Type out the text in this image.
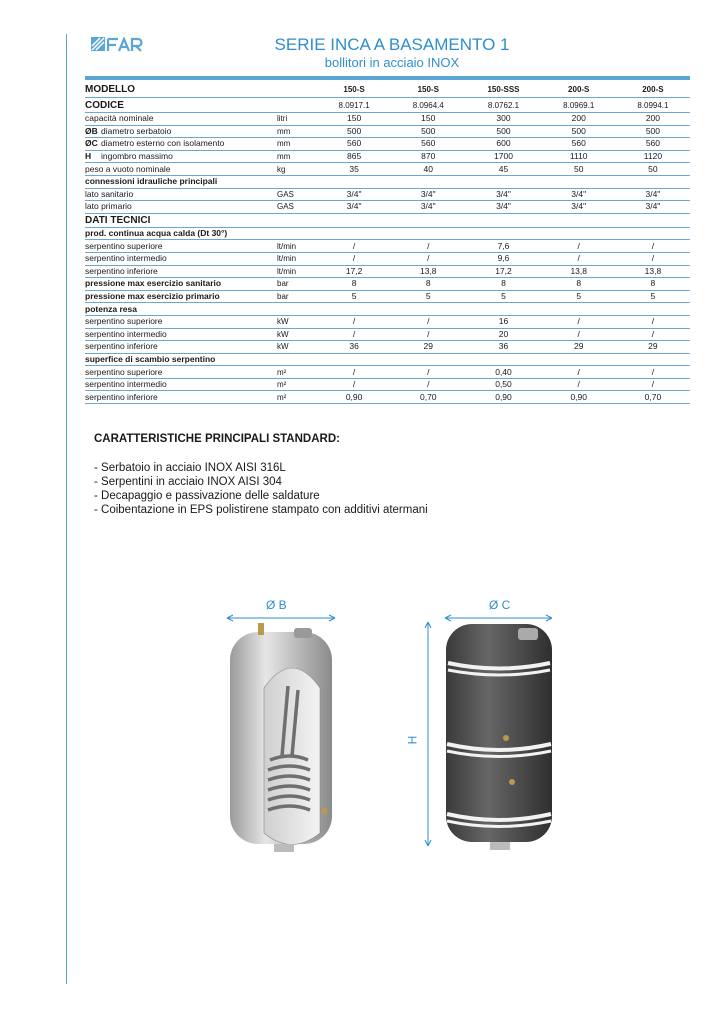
SERIE INCA A BASAMENTO 1
bollitori in acciaio INOX
MODELLO		150-S	150-S	150-SSS	200-S	200-S
CODICE		8.0917.1	8.0964.4	8.0762.1	8.0969.1	8.0994.1
capacità nominale	litri	150	150	300	200	200
ØB diametro serbatoio	mm	500	500	500	500	500
ØC diametro esterno con isolamento	mm	560	560	600	560	560
H ingombro massimo	mm	865	870	1700	1110	1120
peso a vuoto nominale	kg	35	40	45	50	50
connessioni idrauliche principali						
lato sanitario	GAS	3/4"	3/4"	3/4"	3/4"	3/4"
lato primario	GAS	3/4"	3/4"	3/4"	3/4"	3/4"
DATI TECNICI						
prod. continua acqua calda (Dt 30°)						
serpentino superiore	lt/min	/	/	7,6	/	/
serpentino intermedio	lt/min	/	/	9,6	/	/
serpentino inferiore	lt/min	17,2	13,8	17,2	13,8	13,8
pressione max esercizio sanitario	bar	8	8	8	8	8
pressione max esercizio primario	bar	5	5	5	5	5
potenza resa						
serpentino superiore	kW	/	/	16	/	/
serpentino intermedio	kW	/	/	20	/	/
serpentino inferiore	kW	36	29	36	29	29
superfice di scambio serpentino						
serpentino superiore	m²	/	/	0,40	/	/
serpentino intermedio	m²	/	/	0,50	/	/
serpentino inferiore	m²	0,90	0,70	0,90	0,90	0,70
CARATTERISTICHE PRINCIPALI STANDARD:
- Serbatoio in acciaio INOX AISI 316L
- Serpentini in acciaio INOX AISI 304
- Decapaggio e passivazione delle saldature
- Coibentazione in EPS polistirene stampato con additivi atermani
Ø B	Ø C
H
